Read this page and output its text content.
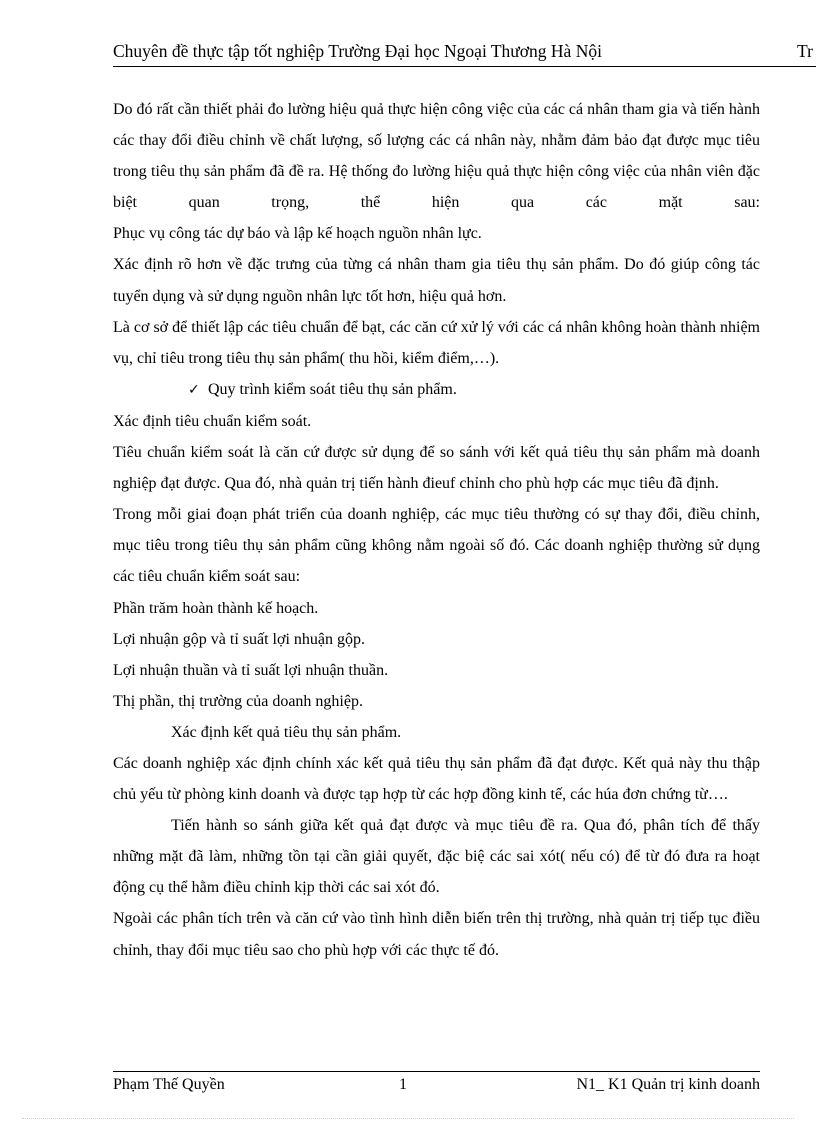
Chuyên đề thực tập tốt nghiệp Trường Đại học Ngoại Thương Hà Nội	Tr

Do đó rất cần thiết phải đo lường hiệu quả thực hiện công việc của các cá nhân tham gia và tiến hành các thay đổi điều chỉnh về chất lượng, số lượng các cá nhân này, nhằm đảm bảo đạt được mục tiêu trong tiêu thụ sản phẩm đã đề ra. Hệ thống đo lường hiệu quả thực hiện công việc của nhân viên đặc biệt quan trọng, thể hiện qua các mặt sau:

Phục vụ công tác dự báo và lập kế hoạch nguồn nhân lực.

Xác định rõ hơn về đặc trưng của từng cá nhân tham gia tiêu thụ sản phẩm. Do đó giúp công tác tuyển dụng và sử dụng nguồn nhân lực tốt hơn, hiệu quả hơn.

Là cơ sở để thiết lập các tiêu chuẩn để bạt, các căn cứ xử lý với các cá nhân không hoàn thành nhiệm vụ, chỉ tiêu trong tiêu thụ sản phẩm( thu hồi, kiểm điểm,…).

✓ Quy trình kiểm soát tiêu thụ sản phẩm.

Xác định tiêu chuẩn kiểm soát.

Tiêu chuẩn kiểm soát là căn cứ được sử dụng để so sánh với kết quả tiêu thụ sản phẩm mà doanh nghiệp đạt được. Qua đó, nhà quản trị tiến hành đieuf chỉnh cho phù hợp các mục tiêu đã định.

Trong mỗi giai đoạn phát triển của doanh nghiệp, các mục tiêu thường có sự thay đổi, điều chỉnh, mục tiêu trong tiêu thụ sản phẩm cũng không nằm ngoài số đó. Các doanh nghiệp thường sử dụng các tiêu chuẩn kiểm soát sau:

Phần trăm hoàn thành kế hoạch.

Lợi nhuận gộp và tỉ suất lợi nhuận gộp.

Lợi nhuận thuần và tỉ suất lợi nhuận thuần.

Thị phần, thị trường của doanh nghiệp.

Xác định kết quả tiêu thụ sản phẩm.

Các doanh nghiệp xác định chính xác kết quả tiêu thụ sản phẩm đã đạt được. Kết quả này thu thập chủ yếu từ phòng kinh doanh và được tạp hợp từ các hợp đồng kinh tế, các húa đơn chứng từ….

Tiến hành so sánh giữa kết quả đạt được và mục tiêu đề ra. Qua đó, phân tích để thấy những mặt đã làm, những tồn tại cần giải quyết, đặc biệ các sai xót( nếu có) để từ đó đưa ra hoạt động cụ thể hằm điều chỉnh kịp thời các sai xót đó.

Ngoài các phân tích trên và căn cứ vào tình hình diễn biến trên thị trường, nhà quản trị tiếp tục điều chỉnh, thay đổi mục tiêu sao cho phù hợp với các thực tế đó.

Phạm Thế Quyền	1	N1_ K1 Quản trị kinh doanh
